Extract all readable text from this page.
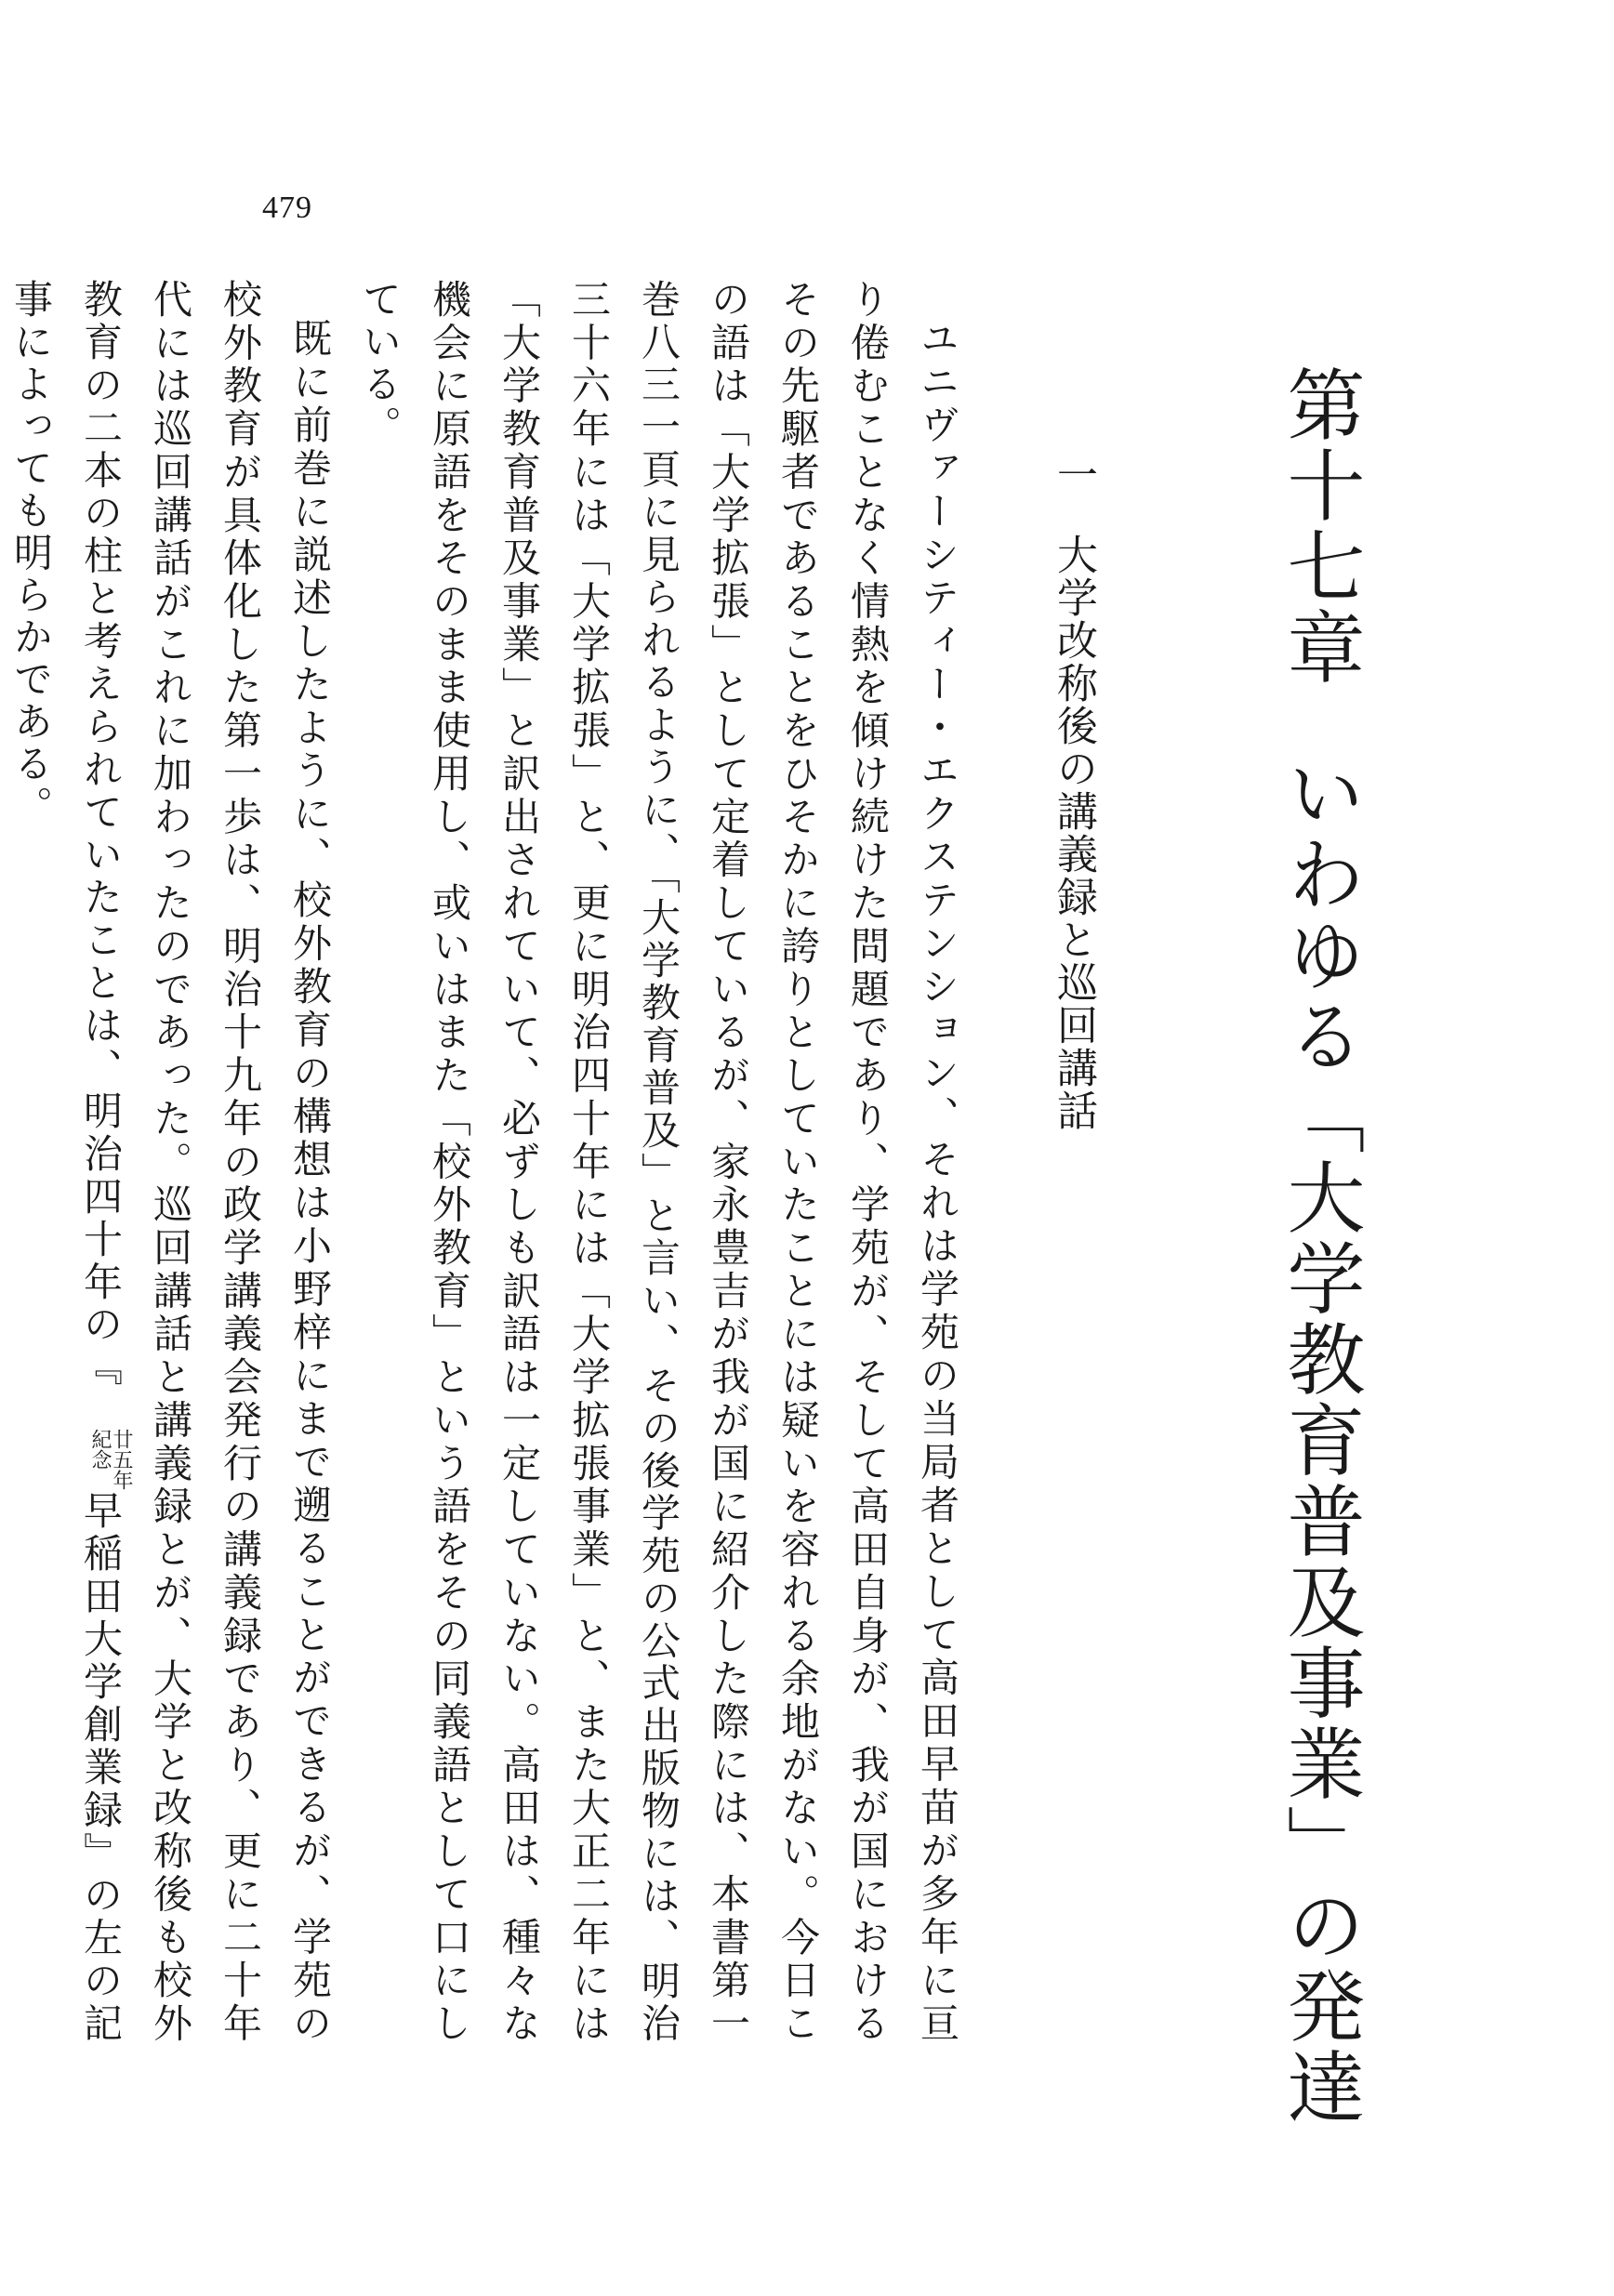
479
第十七章いわゆる「大学教育普及事業」の発達
一大学改称後の講義録と巡回講話

ユニヴァーシティー・エクステンション、それは学苑の当局者として高田早苗が多年に亘り倦むことなく情熱を傾け続けた問題であり、学苑が、そして高田自身が、我が国におけるその先駆者であることをひそかに誇りとしていたことには疑いを容れる余地がない。今日この語は「大学拡張」として定着しているが、家永豊吉が我が国に紹介した際には、本書第一巻八三一頁に見られるように、「大学教育普及」と言い、その後学苑の公式出版物には、明治三十六年には「大学拡張」と、更に明治四十年には「大学拡張事業」と、また大正二年には「大学教育普及事業」と訳出されていて、必ずしも訳語は一定していない。高田は、種々な機会に原語をそのまま使用し、或いはまた「校外教育」という語をその同義語として口にしている。

既に前巻に説述したように、校外教育の構想は小野梓にまで遡ることができるが、学苑の校外教育が具体化した第一歩は、明治十九年の政学講義会発行の講義録であり、更に二十年代には巡回講話がこれに加わったのであった。巡回講話と講義録とが、大学と改称後も校外教育の二本の柱と考えられていたことは、明治四十年の『
廿五年
紀念
早稲田大学創業録』の左の記事によっても明らかである。
